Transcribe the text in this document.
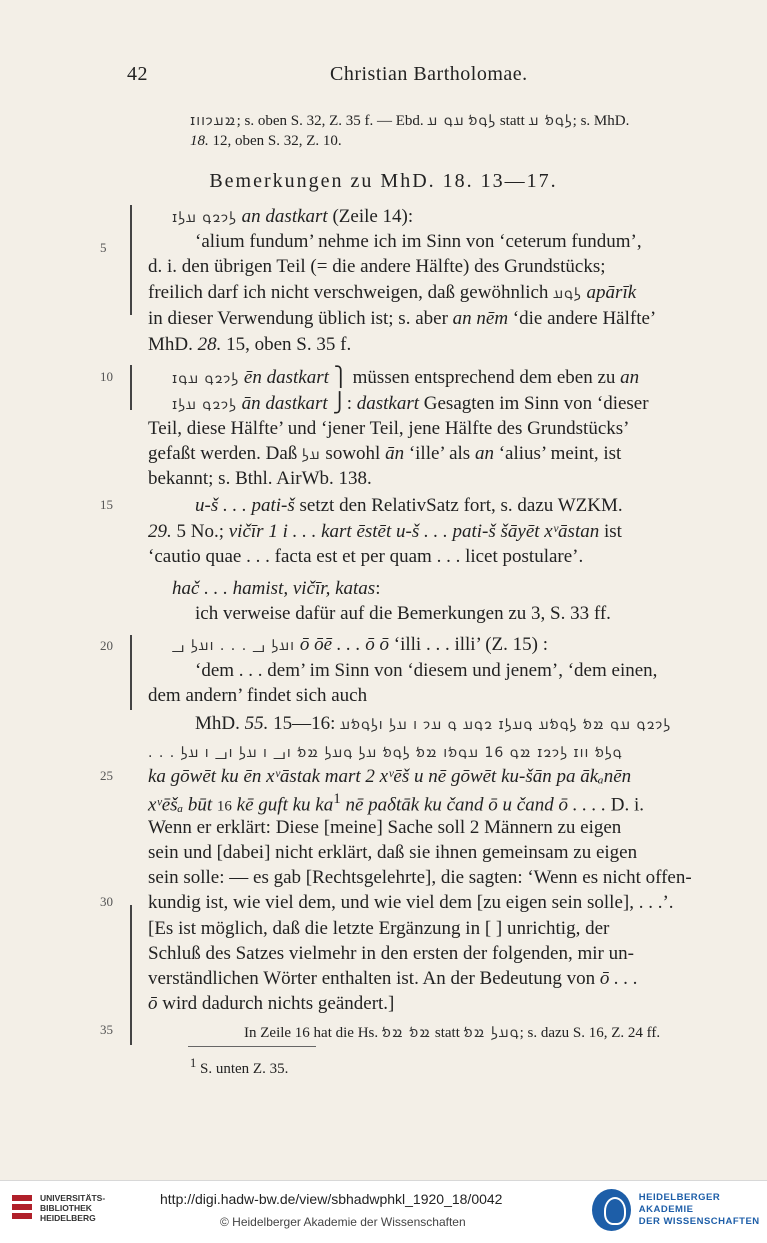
42	Christian Bartholomae.
ɪıı𐭱𐭠𐭩; s. oben S. 32, Z. 35 f. — Ebd.	𐭫𐭯𐭬 𐭠𐭯 𐭠 statt 𐭫𐭯𐭬 𐭠; s. MhD.
18. 12, oben S. 32, Z. 10.
Bemerkungen zu MhD. 18. 13—17.
5
10
15
20
25
30
35
ɪ𐭫𐭩𐭥𐭯 𐭠𐭫 an dastkart (Zeile 14):
‘alium fundum’ nehme ich im Sinn von ‘ceterum fundum’,
d. i. den übrigen Teil (= die andere Hälfte) des Grundstücks;
freilich darf ich nicht verschweigen, daß gewöhnlich 𐭫𐭯𐭠 apārīk
in dieser Verwendung üblich ist; s. aber an nēm ‘die andere Hälfte’
MhD. 28. 15, oben S. 35 f.
ɪ𐭫𐭩𐭥𐭯 𐭠𐭯 ēn dastkart ⎫ müssen entsprechend dem eben zu an
ɪ𐭫𐭩𐭥𐭯 𐭠𐭫 ān dastkart ⎭: dastkart Gesagten im Sinn von ‘dieser
Teil, diese Hälfte’ und ‘jener Teil, jene Hälfte des Grundstücks’
gefaßt werden. Daß 𐭠𐭫 sowohl ān ‘ille’ als an ‘alius’ meint, ist
bekannt; s. Bthl. AirWb. 138.
u-š . . . pati-š setzt den RelativSatz fort, s. dazu WZKM.
29. 5 No.; vičīr 1 i . . . kart ēstēt u-š . . . pati-š šāyēt xᵛāstan ist
‘cautio quae . . . facta est et per quam . . . licet postulare’.
hač . . . hamist, vičīr, katas:
ich verweise dafür auf die Bemerkungen zu 3, S. 33 ff.
𐭠𐭫 𐭡ı . . . 𐭠𐭫 𐭡ı ō ōē . . . ō ō ‘illi . . . illi’ (Z. 15) :
‘dem . . . dem’ im Sinn von ‘diesem und jenem’, ‘dem einen,
dem andern’ findet sich auch
MhD. 55. 15—16: 𐭫𐭯𐭬𐭠ı 𐭠𐭫 ı 𐭥𐭯𐭠 𐭯 𐭠𐭩 ɪ𐭫𐭩𐭥𐭯 𐭠𐭯 𐭱𐭬 𐭫𐭯𐭬𐭠 𐭯𐭠𐭫
. . . 𐭠𐭫 ı 𐭡ı 𐭠𐭫 ı 𐭡ı 𐭱𐭬 𐭫𐭯𐭬 𐭠𐭫 𐭯𐭠𐭫 𐭱𐭬 ı𐭱𐭯 16 𐭠𐭯𐭬 ɪ𐭫𐭩𐭥 ɪıı 𐭯𐭫𐭬
ka gōwēt ku ēn xᵛāstak mart 2 xᵛēš u nē gōwēt ku-šān pa ākₐnēn
xᵛēšₐ būt 16 kē guft ku $ka^1$ nē paδtāk ku čand ō u čand ō . . . . D. i.
Wenn er erklärt: Diese [meine] Sache soll 2 Männern zu eigen
sein und [dabei] nicht erklärt, daß sie ihnen gemeinsam zu eigen
sein solle: — es gab [Rechtsgelehrte], die sagten: ‘Wenn es nicht offen-
kundig ist, wie viel dem, und wie viel dem [zu eigen sein solle], . . .’.
[Es ist möglich, daß die letzte Ergänzung in [ ] unrichtig, der
Schluß des Satzes vielmehr in den ersten der folgenden, mir un-
verständlichen Wörter enthalten ist. An der Bedeutung von ō . . .
ō wird dadurch nichts geändert.]
In Zeile 16 hat die Hs. 𐭱𐭬 𐭱𐭬 statt 𐭯𐭠𐭫 𐭱𐭬; s. dazu S. 16, Z. 24 ff.
$^1$ S. unten Z. 35.
UNIVERSITÄTS-
BIBLIOTHEK
HEIDELBERG
http://digi.hadw-bw.de/view/sbhadwphkl_1920_18/0042
© Heidelberger Akademie der Wissenschaften
HEIDELBERGER AKADEMIE
DER WISSENSCHAFTEN
